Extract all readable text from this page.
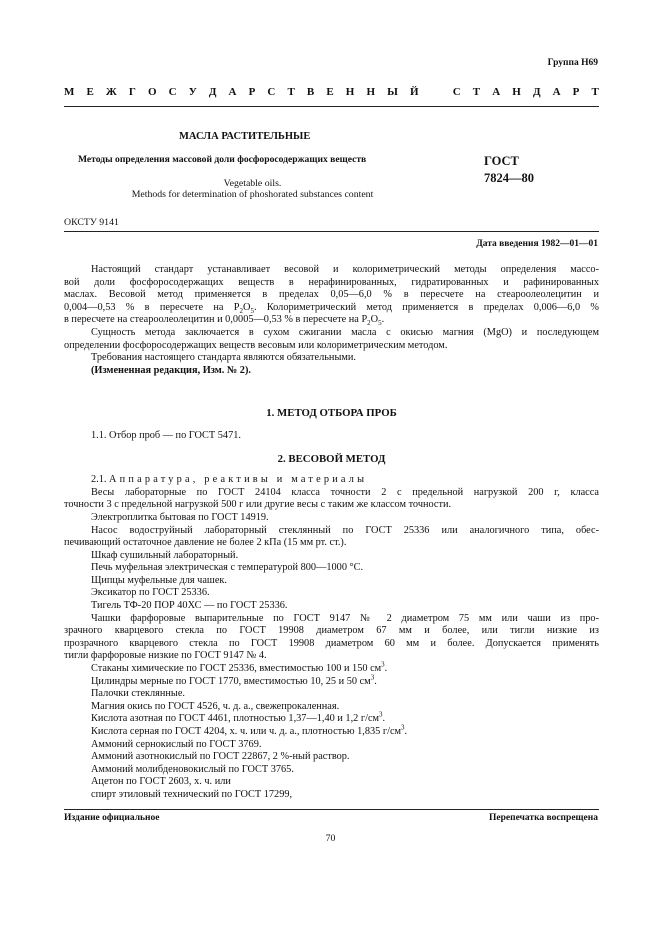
Группа Н69
М Е Ж Г О С У Д А Р С Т В Е Н Н Ы Й	С Т А Н Д А Р Т
МАСЛА РАСТИТЕЛЬНЫЕ
Методы определения массовой доли фосфоросодержащих веществ	ГОСТ
7824—80
Vegetable oils.
Methods for determination of phoshorated substances content
ОКСТУ 9141
Дата введения 1982—01—01

Настоящий стандарт устанавливает весовой и колориметрический методы определения массо-

вой доли фосфоросодержащих веществ в нерафинированных, гидратированных и рафинированных

маслах. Весовой метод применяется в пределах 0,05—6,0 % в пересчете на стеароолеолецитин и

0,004—0,53 % в пересчете на $P_2O_5$. Колориметрический метод применяется в пределах 0,006—6,0 %

в пересчете на стеароолеолецитин и 0,0005—0,53 % в пересчете на $P_2O_5$.

Сущность метода заключается в сухом сжигании масла с окисью магния (MgO) и последующем

определении фосфоросодержащих веществ весовым или колориметрическим методом.

Требования настоящего стандарта являются обязательными.

(Измененная редакция, Изм. № 2).

1. МЕТОД ОТБОРА ПРОБ

1.1. Отбор проб — по ГОСТ 5471.

2. ВЕСОВОЙ МЕТОД

2.1. Аппаратура, реактивы и материалы

Весы лабораторные по ГОСТ 24104 класса точности 2 с предельной нагрузкой 200 г, класса

точности 3 с предельной нагрузкой 500 г или другие весы с таким же классом точности.

Электроплитка бытовая по ГОСТ 14919.

Насос водоструйный лабораторный стеклянный по ГОСТ 25336 или аналогичного типа, обес-

печивающий остаточное давление не более 2 кПа (15 мм рт. ст.).

Шкаф сушильный лабораторный.

Печь муфельная электрическая с температурой 800—1000 °С.

Щипцы муфельные для чашек.

Эксикатор по ГОСТ 25336.

Тигель ТФ-20 ПОР 40ХС — по ГОСТ 25336.

Чашки фарфоровые выпарительные по ГОСТ 9147 № 2 диаметром 75 мм или чаши из про-

зрачного кварцевого стекла по ГОСТ 19908 диаметром 67 мм и более, или тигли низкие из

прозрачного кварцевого стекла по ГОСТ 19908 диаметром 60 мм и более. Допускается применять

тигли фарфоровые низкие по ГОСТ 9147 № 4.

Стаканы химические по ГОСТ 25336, вместимостью 100 и 150 $см^3$.

Цилиндры мерные по ГОСТ 1770, вместимостью 10, 25 и 50 $см^3$.

Палочки стеклянные.

Магния окись по ГОСТ 4526, ч. д. а., свежепрокаленная.

Кислота азотная по ГОСТ 4461, плотностью 1,37—1,40 и 1,2 $г/см^3$.

Кислота серная по ГОСТ 4204, х. ч. или ч. д. а., плотностью 1,835 $г/см^3$.

Аммоний сернокислый по ГОСТ 3769.

Аммоний азотнокислый по ГОСТ 22867, 2 %-ный раствор.

Аммоний молибденовокислый по ГОСТ 3765.

Ацетон по ГОСТ 2603, х. ч. или

спирт этиловый технический по ГОСТ 17299,

Издание официальное	Перепечатка воспрещена
70
